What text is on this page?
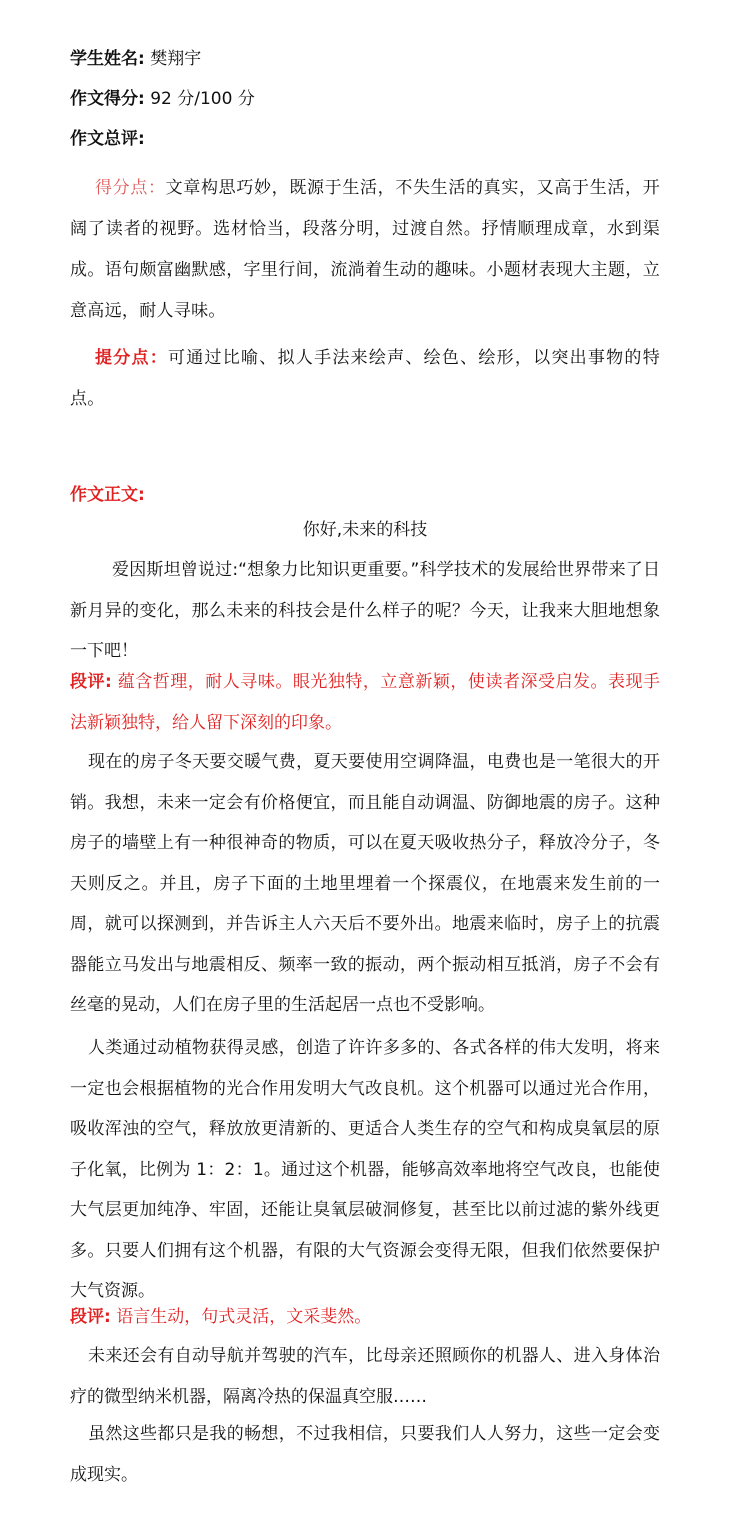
学生姓名: 樊翔宇
作文得分: 92 分/100 分
作文总评:
得分点：文章构思巧妙，既源于生活，不失生活的真实，又高于生活，开阔了读者的视野。选材恰当，段落分明，过渡自然。抒情顺理成章，水到渠成。语句颇富幽默感，字里行间，流淌着生动的趣味。小题材表现大主题，立意高远，耐人寻味。
提分点：可通过比喻、拟人手法来绘声、绘色、绘形，以突出事物的特点。
作文正文:
你好,未来的科技
爱因斯坦曾说过:“想象力比知识更重要。”科学技术的发展给世界带来了日新月异的变化，那么未来的科技会是什么样子的呢？今天，让我来大胆地想象一下吧！
段评: 蕴含哲理，耐人寻味。眼光独特，立意新颖，使读者深受启发。表现手法新颖独特，给人留下深刻的印象。
现在的房子冬天要交暖气费，夏天要使用空调降温，电费也是一笔很大的开销。我想，未来一定会有价格便宜，而且能自动调温、防御地震的房子。这种房子的墙壁上有一种很神奇的物质，可以在夏天吸收热分子，释放冷分子，冬天则反之。并且，房子下面的土地里埋着一个探震仪，在地震来发生前的一周，就可以探测到，并告诉主人六天后不要外出。地震来临时，房子上的抗震器能立马发出与地震相反、频率一致的振动，两个振动相互抵消，房子不会有丝毫的晃动，人们在房子里的生活起居一点也不受影响。
人类通过动植物获得灵感，创造了许许多多的、各式各样的伟大发明，将来一定也会根据植物的光合作用发明大气改良机。这个机器可以通过光合作用，吸收浑浊的空气，释放放更清新的、更适合人类生存的空气和构成臭氧层的原子化氧，比例为 1：2：1。通过这个机器，能够高效率地将空气改良，也能使大气层更加纯净、牢固，还能让臭氧层破洞修复，甚至比以前过滤的紫外线更多。只要人们拥有这个机器，有限的大气资源会变得无限，但我们依然要保护大气资源。
段评: 语言生动，句式灵活，文采斐然。
未来还会有自动导航并驾驶的汽车，比母亲还照顾你的机器人、进入身体治疗的微型纳米机器，隔离冷热的保温真空服……
虽然这些都只是我的畅想，不过我相信，只要我们人人努力，这些一定会变成现实。
